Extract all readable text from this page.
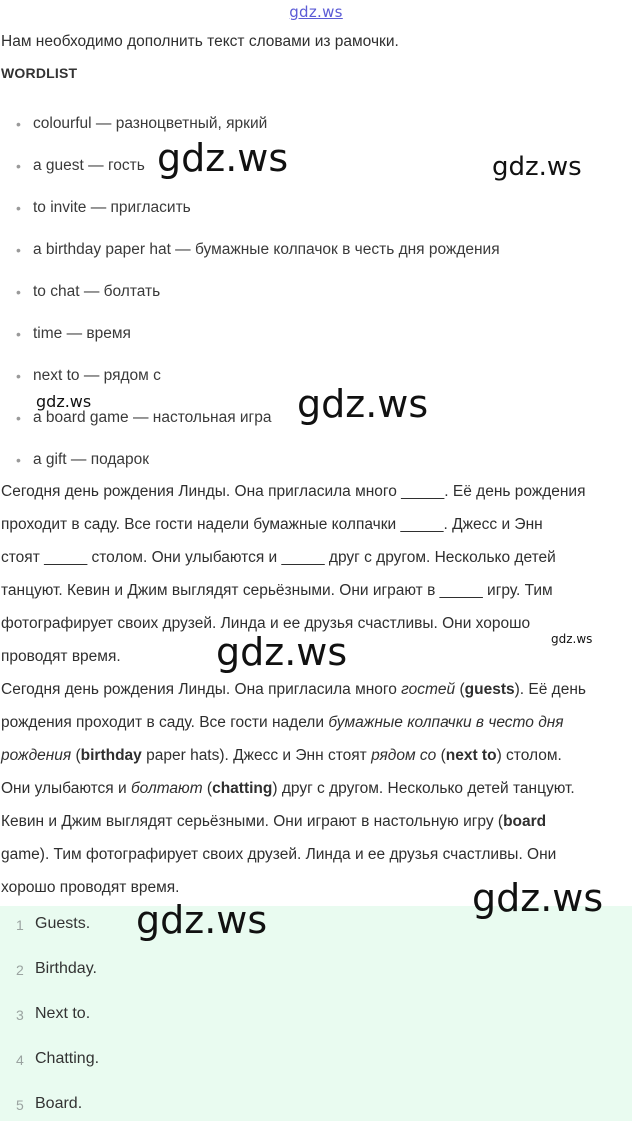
gdz.ws
Нам необходимо дополнить текст словами из рамочки.
WORDLIST
• colourful — разноцветный, яркий
• a guest — гость
• to invite — пригласить
• a birthday paper hat — бумажные колпачок в честь дня рождения
• to chat — болтать
• time — время
• next to — рядом с
• a board game — настольная игра
• a gift — подарок
Сегодня день рождения Линды. Она пригласила много _____. Её день рождения
проходит в саду. Все гости надели бумажные колпачки _____. Джесс и Энн
стоят _____ столом. Они улыбаются и _____ друг с другом. Несколько детей
танцуют. Кевин и Джим выглядят серьёзными. Они играют в _____ игру. Тим
фотографирует своих друзей. Линда и ее друзья счастливы. Они хорошо
проводят время.
Сегодня день рождения Линды. Она пригласила много гостей (guests). Её день
рождения проходит в саду. Все гости надели бумажные колпачки в често дня
рождения (birthday paper hats). Джесс и Энн стоят рядом со (next to) столом.
Они улыбаются и болтают (chatting) друг с другом. Несколько детей танцуют.
Кевин и Джим выглядят серьёзными. Они играют в настольную игру (board
game). Тим фотографирует своих друзей. Линда и ее друзья счастливы. Они
хорошо проводят время.
1 Guests.
2 Birthday.
3 Next to.
4 Chatting.
5 Board.
gdz.ws	gdz.ws
gdz.ws	gdz.ws
gdz.ws
gdz.ws
gdz.ws
gdz.ws
